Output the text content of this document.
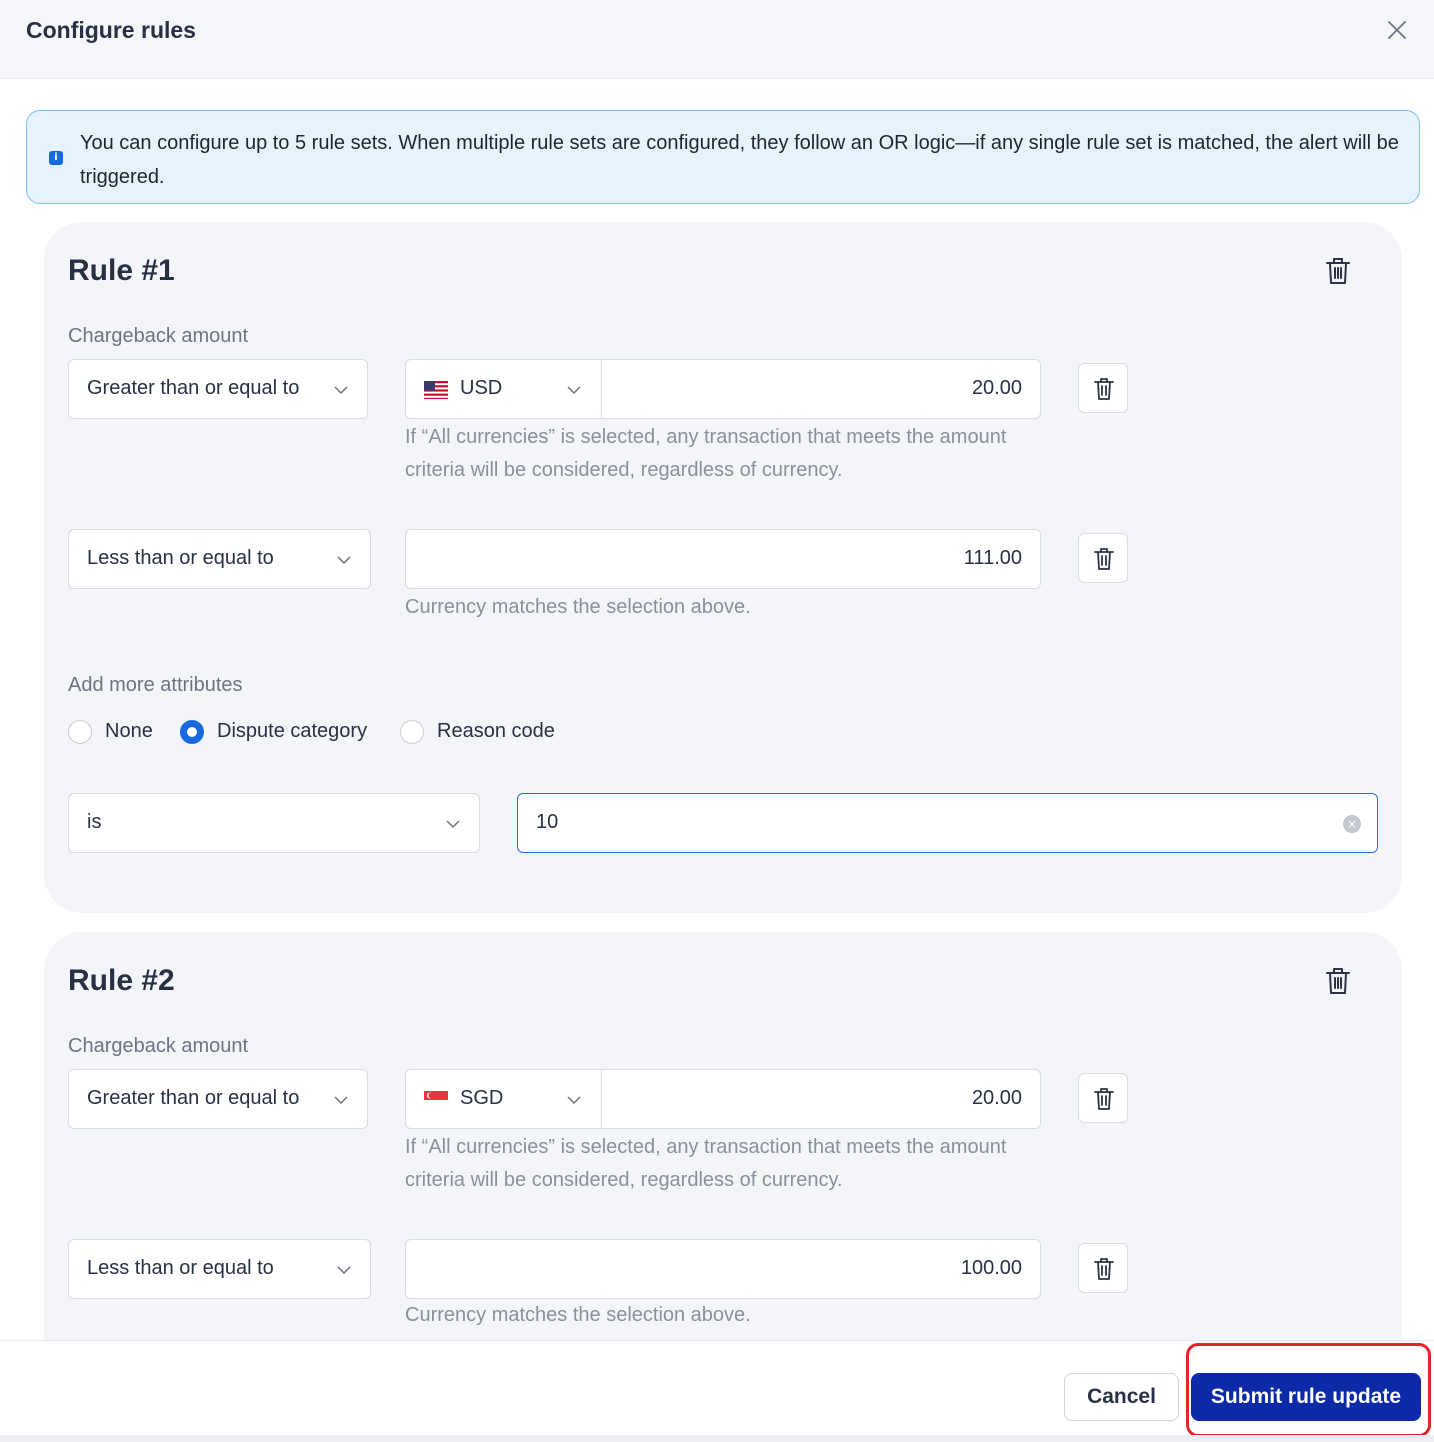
Configure rules
i
You can configure up to 5 rule sets. When multiple rule sets are configured, they follow an OR logic—if any single rule set is matched, the alert will be triggered.
Rule #1
Chargeback amount
Greater than or equal to	USD	20.00
If “All currencies” is selected, any transaction that meets the amount criteria will be considered, regardless of currency.
Less than or equal to	111.00
Currency matches the selection above.
Add more attributes
None	Dispute category	Reason code
is	10	×
Rule #2
Chargeback amount
Greater than or equal to	SGD	20.00
If “All currencies” is selected, any transaction that meets the amount criteria will be considered, regardless of currency.
Less than or equal to	100.00
Currency matches the selection above.
Cancel	Submit rule update
